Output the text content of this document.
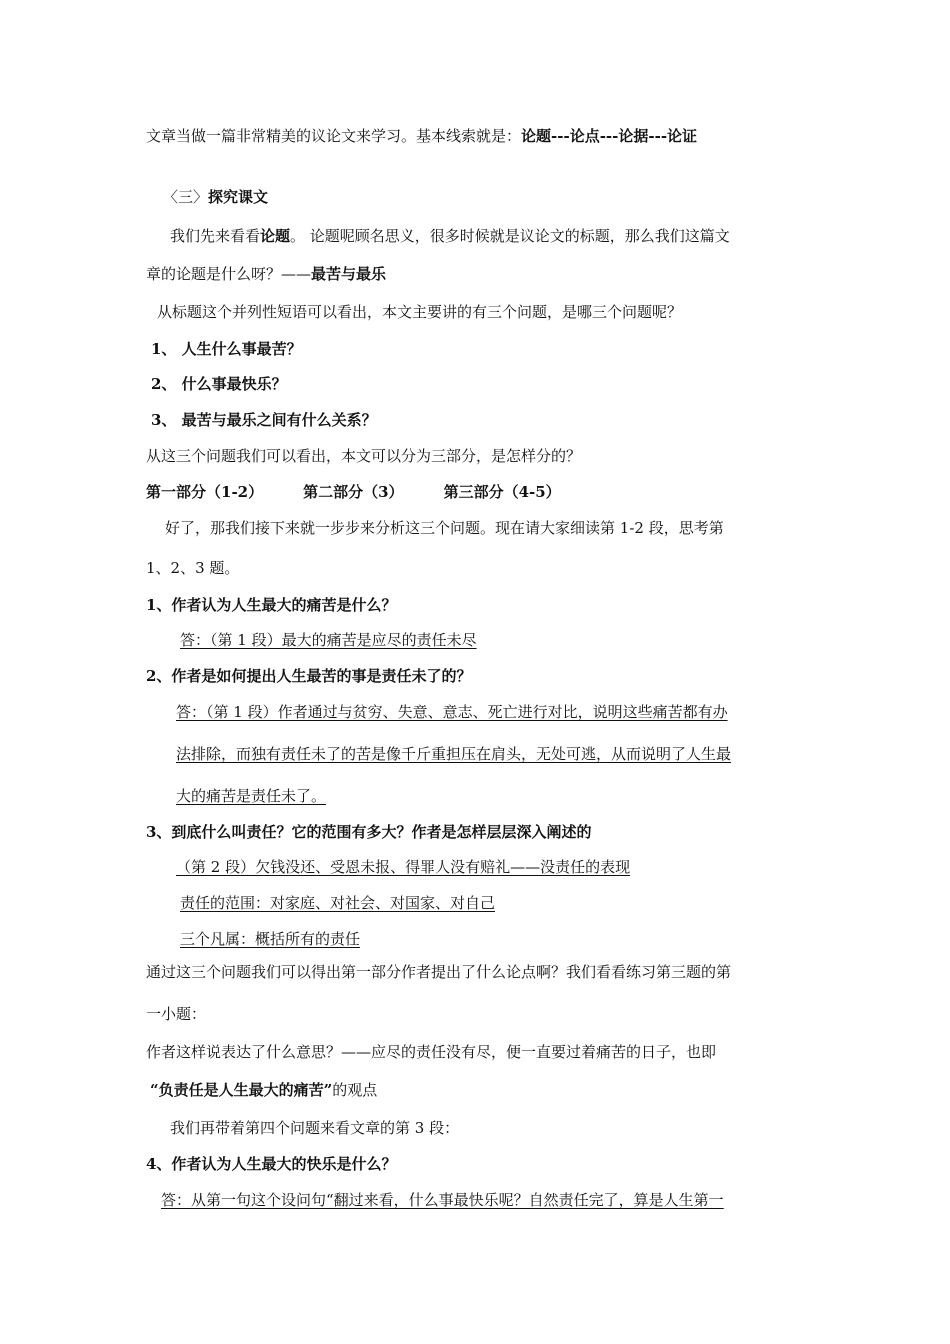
文章当做一篇非常精美的议论文来学习。基本线索就是：论题---论点---论据---论证
〈三〉探究课文
我们先来看看论题。 论题呢顾名思义，很多时候就是议论文的标题，那么我们这篇文
章的论题是什么呀？——最苦与最乐
从标题这个并列性短语可以看出，本文主要讲的有三个问题，是哪三个问题呢？
1、 人生什么事最苦？
2、 什么事最快乐？
3、 最苦与最乐之间有什么关系？
从这三个问题我们可以看出，本文可以分为三部分，是怎样分的？
第一部分（1-2）	第二部分（3）	第三部分（4-5）
好了，那我们接下来就一步步来分析这三个问题。现在请大家细读第 1-2 段，思考第
1、2、3 题。
1、作者认为人生最大的痛苦是什么？
答：（第 1 段）最大的痛苦是应尽的责任未尽
2、作者是如何提出人生最苦的事是责任未了的？
答：（第 1 段）作者通过与贫穷、失意、意志、死亡进行对比，说明这些痛苦都有办
法排除，而独有责任未了的苦是像千斤重担压在肩头，无处可逃，从而说明了人生最
大的痛苦是责任未了。
3、到底什么叫责任？它的范围有多大？作者是怎样层层深入阐述的
（第 2 段）欠钱没还、受恩未报、得罪人没有赔礼——没责任的表现
责任的范围：对家庭、对社会、对国家、对自己
三个凡属：概括所有的责任
通过这三个问题我们可以得出第一部分作者提出了什么论点啊？我们看看练习第三题的第
一小题：
作者这样说表达了什么意思？——应尽的责任没有尽，便一直要过着痛苦的日子，也即
“负责任是人生最大的痛苦”的观点
我们再带着第四个问题来看文章的第 3 段：
4、作者认为人生最大的快乐是什么？
答：从第一句这个设问句“翻过来看，什么事最快乐呢？自然责任完了，算是人生第一
